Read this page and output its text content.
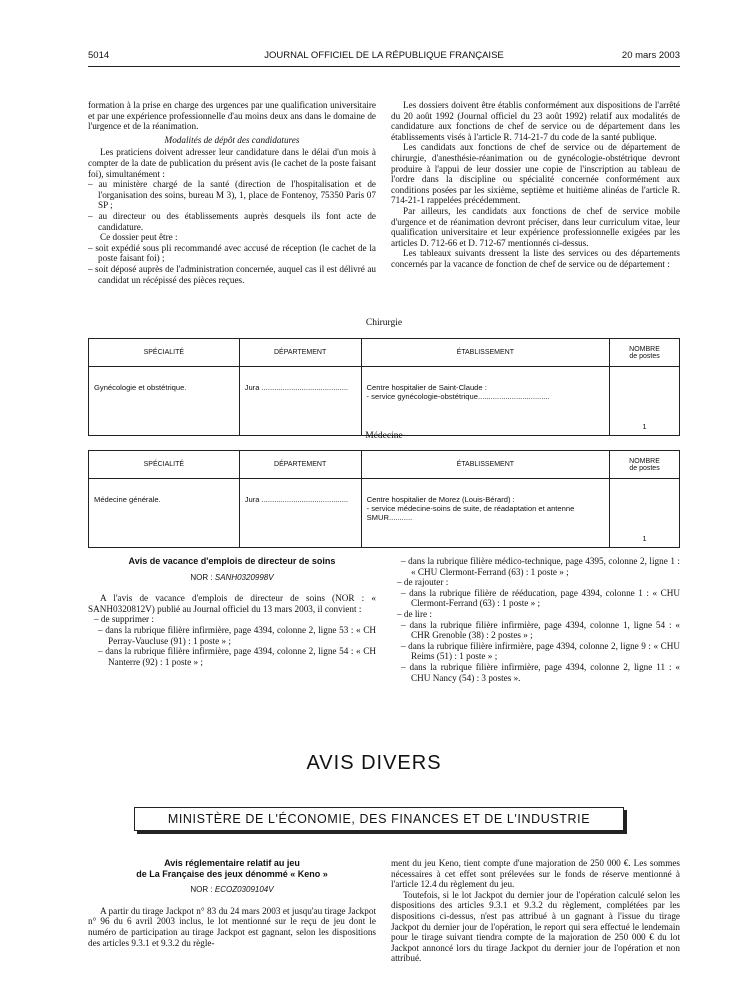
5014	JOURNAL OFFICIEL DE LA RÉPUBLIQUE FRANÇAISE	20 mars 2003

formation à la prise en charge des urgences par une qualification universitaire et par une expérience professionnelle d'au moins deux ans dans le domaine de l'urgence et de la réanimation.

Modalités de dépôt des candidatures

Les praticiens doivent adresser leur candidature dans le délai d'un mois à compter de la date de publication du présent avis (le cachet de la poste faisant foi), simultanément :

– au ministère chargé de la santé (direction de l'hospitalisation et de l'organisation des soins, bureau M 3), 1, place de Fontenoy, 75350 Paris 07 SP ;

– au directeur ou des établissements auprès desquels ils font acte de candidature.

Ce dossier peut être :

– soit expédié sous pli recommandé avec accusé de réception (le cachet de la poste faisant foi) ;

– soit déposé auprès de l'administration concernée, auquel cas il est délivré au candidat un récépissé des pièces reçues.

Les dossiers doivent être établis conformément aux dispositions de l'arrêté du 20 août 1992 (Journal officiel du 23 août 1992) relatif aux modalités de candidature aux fonctions de chef de service ou de département dans les établissements visés à l'article R. 714-21-7 du code de la santé publique.

Les candidats aux fonctions de chef de service ou de département de chirurgie, d'anesthésie-réanimation ou de gynécologie-obstétrique devront produire à l'appui de leur dossier une copie de l'inscription au tableau de l'ordre dans la discipline ou spécialité concernée conformément aux conditions posées par les sixième, septième et huitième alinéas de l'article R. 714-21-1 rappelées précédemment.

Par ailleurs, les candidats aux fonctions de chef de service mobile d'urgence et de réanimation devront préciser, dans leur curriculum vitae, leur qualification universitaire et leur expérience professionnelle exigées par les articles D. 712-66 et D. 712-67 mentionnés ci-dessus.

Les tableaux suivants dressent la liste des services ou des départements concernés par la vacance de fonction de chef de service ou de département :

Chirurgie
SPÉCIALITÉ	DÉPARTEMENT	ÉTABLISSEMENT	NOMBRE
de postes
Gynécologie et obstétrique.	Jura .........................................	Centre hospitalier de Saint-Claude :
- service gynécologie-obstétrique..................................	1
Médecine
SPÉCIALITÉ	DÉPARTEMENT	ÉTABLISSEMENT	NOMBRE
de postes
Médecine générale.	Jura .........................................	Centre hospitalier de Morez (Louis-Bérard) :
- service médecine-soins de suite, de réadaptation et antenne SMUR...........	1

Avis de vacance d'emplois de directeur de soins

NOR : SANH0320998V

A l'avis de vacance d'emplois de directeur de soins (NOR : « SANH0320812V) publié au Journal officiel du 13 mars 2003, il convient :

– de supprimer :

– dans la rubrique filière infirmière, page 4394, colonne 2, ligne 53 : « CH Perray-Vaucluse (91) : 1 poste » ;

– dans la rubrique filière infirmière, page 4394, colonne 2, ligne 54 : « CH Nanterre (92) : 1 poste » ;

– dans la rubrique filière médico-technique, page 4395, colonne 2, ligne 1 : « CHU Clermont-Ferrand (63) : 1 poste » ;

– de rajouter :

– dans la rubrique filière de rééducation, page 4394, colonne 1 : « CHU Clermont-Ferrand (63) : 1 poste » ;

– de lire :

– dans la rubrique filière infirmière, page 4394, colonne 1, ligne 54 : « CHR Grenoble (38) : 2 postes » ;

– dans la rubrique filière infirmière, page 4394, colonne 2, ligne 9 : « CHU Reims (51) : 1 poste » ;

– dans la rubrique filière infirmière, page 4394, colonne 2, ligne 11 : « CHU Nancy (54) : 3 postes ».

AVIS DIVERS
MINISTÈRE DE L'ÉCONOMIE, DES FINANCES ET DE L'INDUSTRIE

Avis réglementaire relatif au jeu

de La Française des jeux dénommé « Keno »

NOR : ECOZ0309104V

A partir du tirage Jackpot n° 83 du 24 mars 2003 et jusqu'au tirage Jackpot n° 96 du 6 avril 2003 inclus, le lot mentionné sur le reçu de jeu dont le numéro de participation au tirage Jackpot est gagnant, selon les dispositions des articles 9.3.1 et 9.3.2 du règle-

ment du jeu Keno, tient compte d'une majoration de 250 000 €. Les sommes nécessaires à cet effet sont prélevées sur le fonds de réserve mentionné à l'article 12.4 du règlement du jeu.

Toutefois, si le lot Jackpot du dernier jour de l'opération calculé selon les dispositions des articles 9.3.1 et 9.3.2 du règlement, complétées par les dispositions ci-dessus, n'est pas attribué à un gagnant à l'issue du tirage Jackpot du dernier jour de l'opération, le report qui sera effectué le lendemain pour le tirage suivant tiendra compte de la majoration de 250 000 € du lot Jackpot annoncé lors du tirage Jackpot du dernier jour de l'opération et non attribué.
